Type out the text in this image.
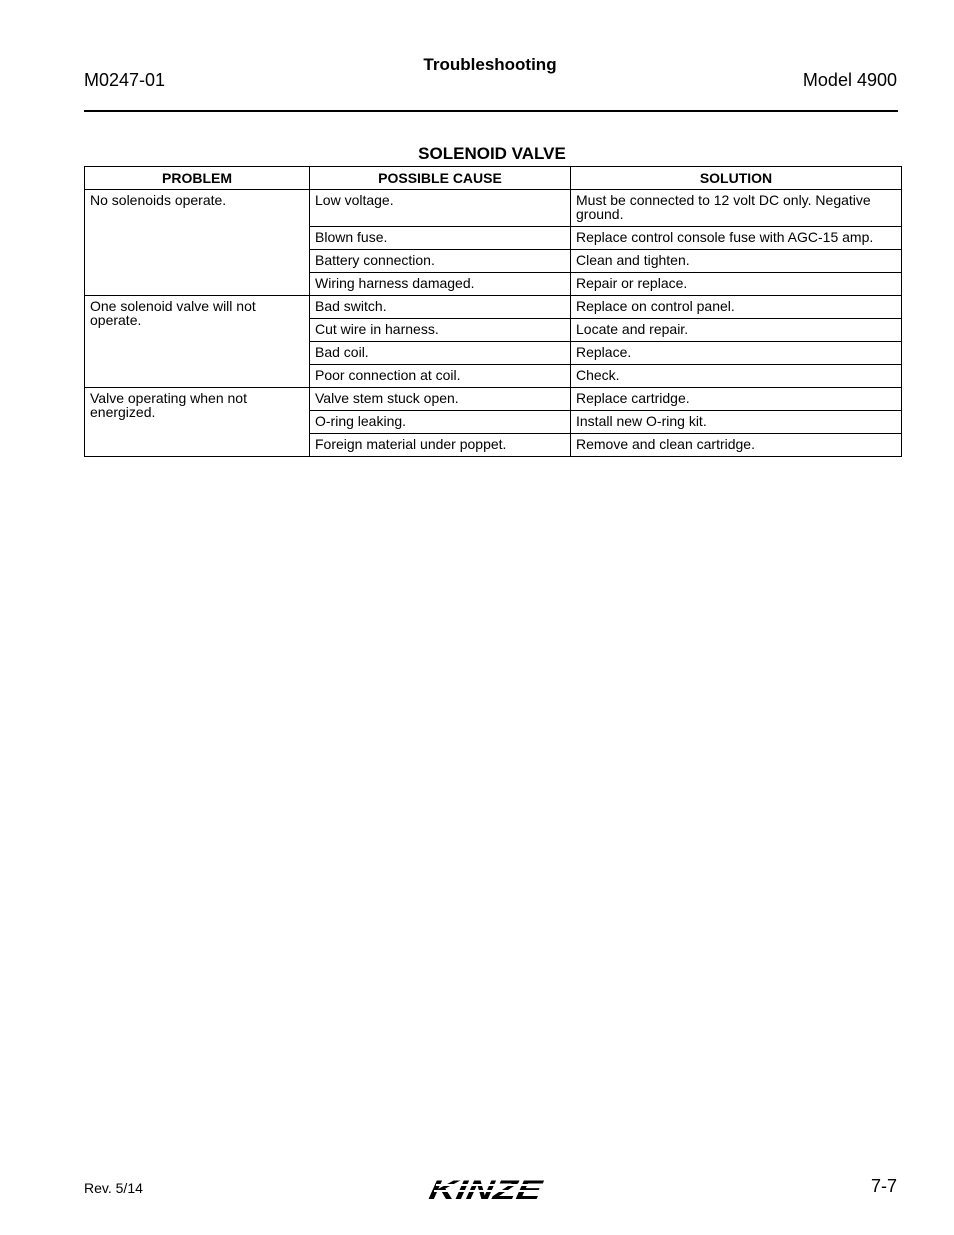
M0247-01
Troubleshooting
Model 4900
SOLENOID VALVE
PROBLEM	POSSIBLE CAUSE	SOLUTION
No solenoids operate.	Low voltage.	Must be connected to 12 volt DC only. Negative ground.
	Blown fuse.	Replace control console fuse with AGC-15 amp.
	Battery connection.	Clean and tighten.
	Wiring harness damaged.	Repair or replace.
One solenoid valve will not operate.	Bad switch.	Replace on control panel.
	Cut wire in harness.	Locate and repair.
	Bad coil.	Replace.
	Poor connection at coil.	Check.
Valve operating when not energized.	Valve stem stuck open.	Replace cartridge.
	O-ring leaking.	Install new O-ring kit.
	Foreign material under poppet.	Remove and clean cartridge.
Rev. 5/14	KINZE	7-7
